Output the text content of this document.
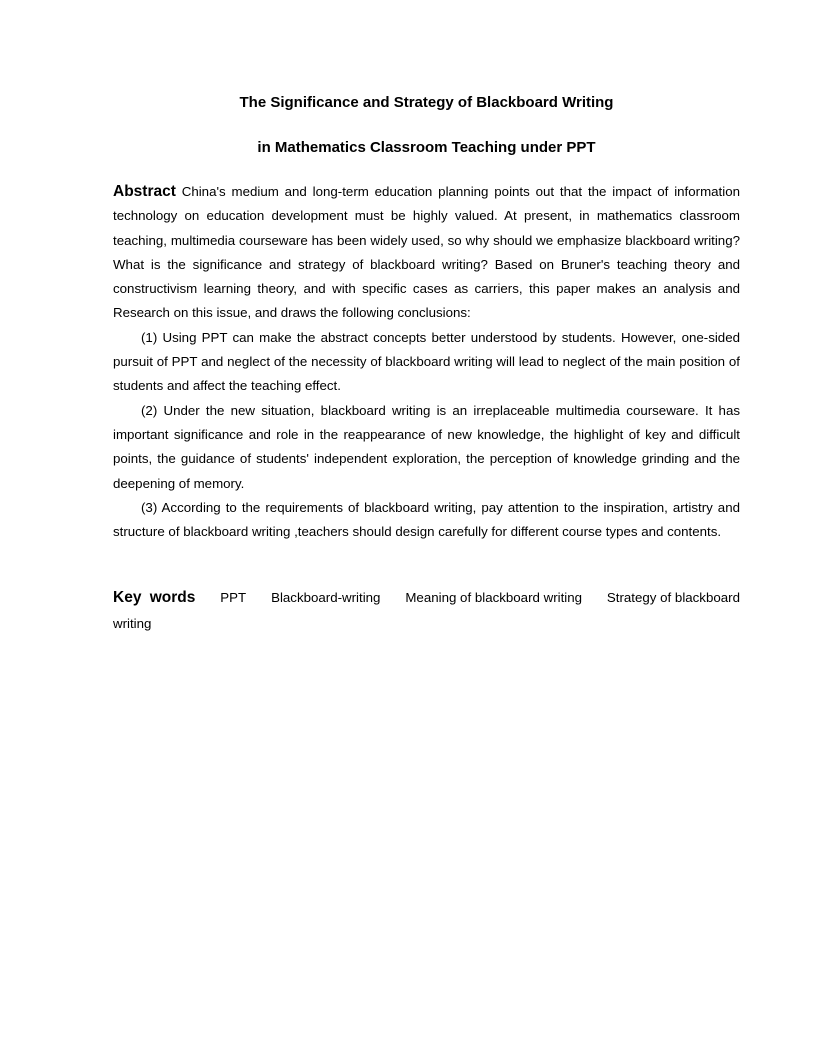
The Significance and Strategy of Blackboard Writing
in Mathematics Classroom Teaching under PPT

Abstract China's medium and long-term education planning points out that the impact of information technology on education development must be highly valued. At present, in mathematics classroom teaching, multimedia courseware has been widely used, so why should we emphasize blackboard writing? What is the significance and strategy of blackboard writing? Based on Bruner's teaching theory and constructivism learning theory, and with specific cases as carriers, this paper makes an analysis and Research on this issue, and draws the following conclusions:

(1) Using PPT can make the abstract concepts better understood by students. However, one-sided pursuit of PPT and neglect of the necessity of blackboard writing will lead to neglect of the main position of students and affect the teaching effect.

(2) Under the new situation, blackboard writing is an irreplaceable multimedia courseware. It has important significance and role in the reappearance of new knowledge, the highlight of key and difficult points, the guidance of students' independent exploration, the perception of knowledge grinding and the deepening of memory.

(3) According to the requirements of blackboard writing, pay attention to the inspiration, artistry and structure of blackboard writing ,teachers should design carefully for different course types and contents.

Key words PPT Blackboard-writing Meaning of blackboard writing Strategy of blackboard

writing
